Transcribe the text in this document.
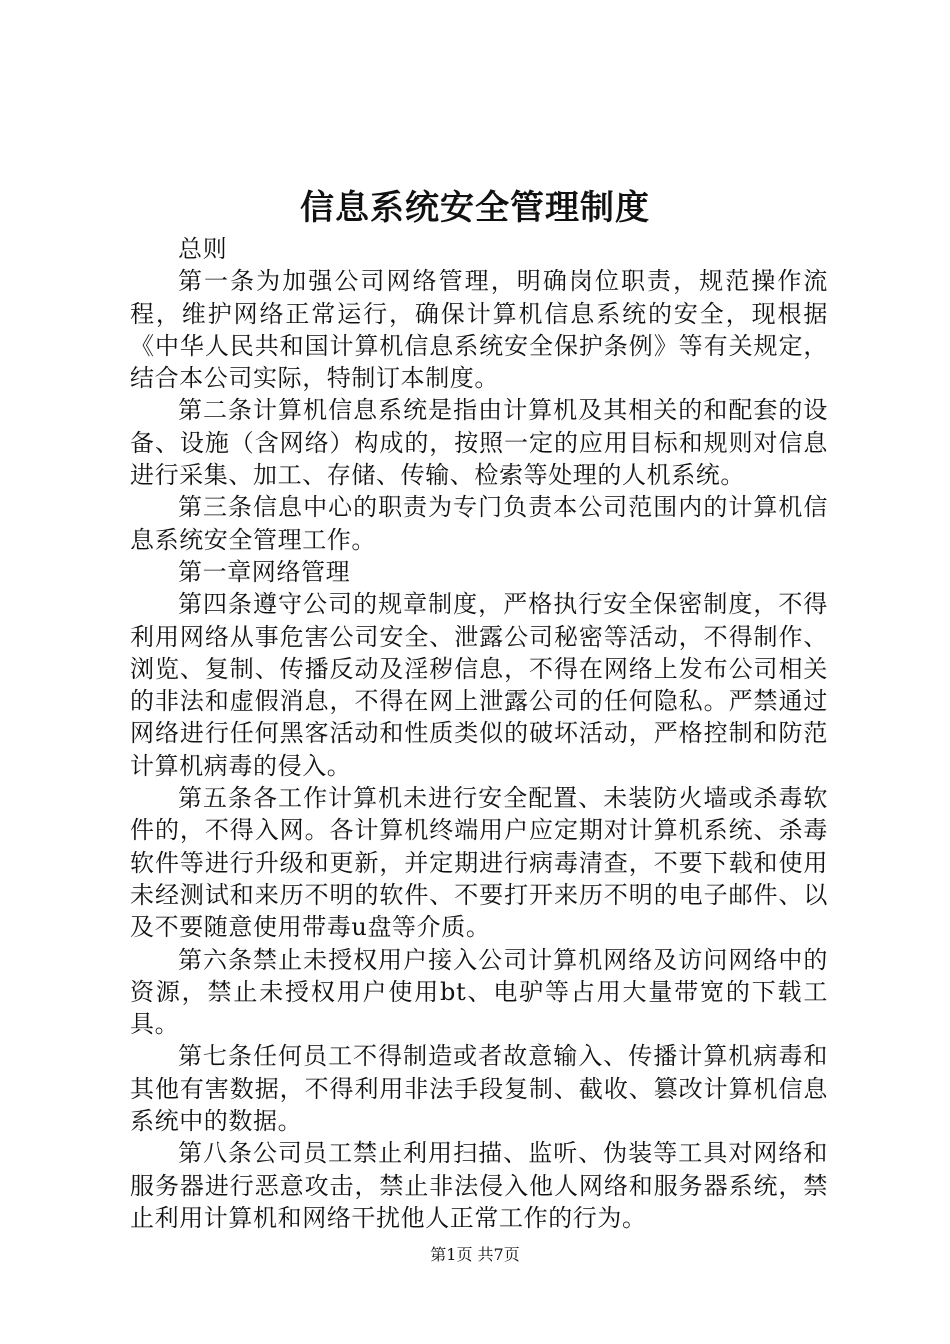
信息系统安全管理制度

总则

第一条为加强公司网络管理，明确岗位职责，规范操作流程，维护网络正常运行，确保计算机信息系统的安全，现根据《中华人民共和国计算机信息系统安全保护条例》等有关规定，结合本公司实际，特制订本制度。

第二条计算机信息系统是指由计算机及其相关的和配套的设备、设施（含网络）构成的，按照一定的应用目标和规则对信息进行采集、加工、存储、传输、检索等处理的人机系统。

第三条信息中心的职责为专门负责本公司范围内的计算机信息系统安全管理工作。

第一章网络管理

第四条遵守公司的规章制度，严格执行安全保密制度，不得利用网络从事危害公司安全、泄露公司秘密等活动，不得制作、浏览、复制、传播反动及淫秽信息，不得在网络上发布公司相关的非法和虚假消息，不得在网上泄露公司的任何隐私。严禁通过网络进行任何黑客活动和性质类似的破坏活动，严格控制和防范计算机病毒的侵入。

第五条各工作计算机未进行安全配置、未装防火墙或杀毒软件的，不得入网。各计算机终端用户应定期对计算机系统、杀毒软件等进行升级和更新，并定期进行病毒清查，不要下载和使用未经测试和来历不明的软件、不要打开来历不明的电子邮件、以及不要随意使用带毒u盘等介质。

第六条禁止未授权用户接入公司计算机网络及访问网络中的资源，禁止未授权用户使用bt、电驴等占用大量带宽的下载工具。

第七条任何员工不得制造或者故意输入、传播计算机病毒和其他有害数据，不得利用非法手段复制、截收、篡改计算机信息系统中的数据。

第八条公司员工禁止利用扫描、监听、伪装等工具对网络和服务器进行恶意攻击，禁止非法侵入他人网络和服务器系统，禁止利用计算机和网络干扰他人正常工作的行为。

第1页 共7页
